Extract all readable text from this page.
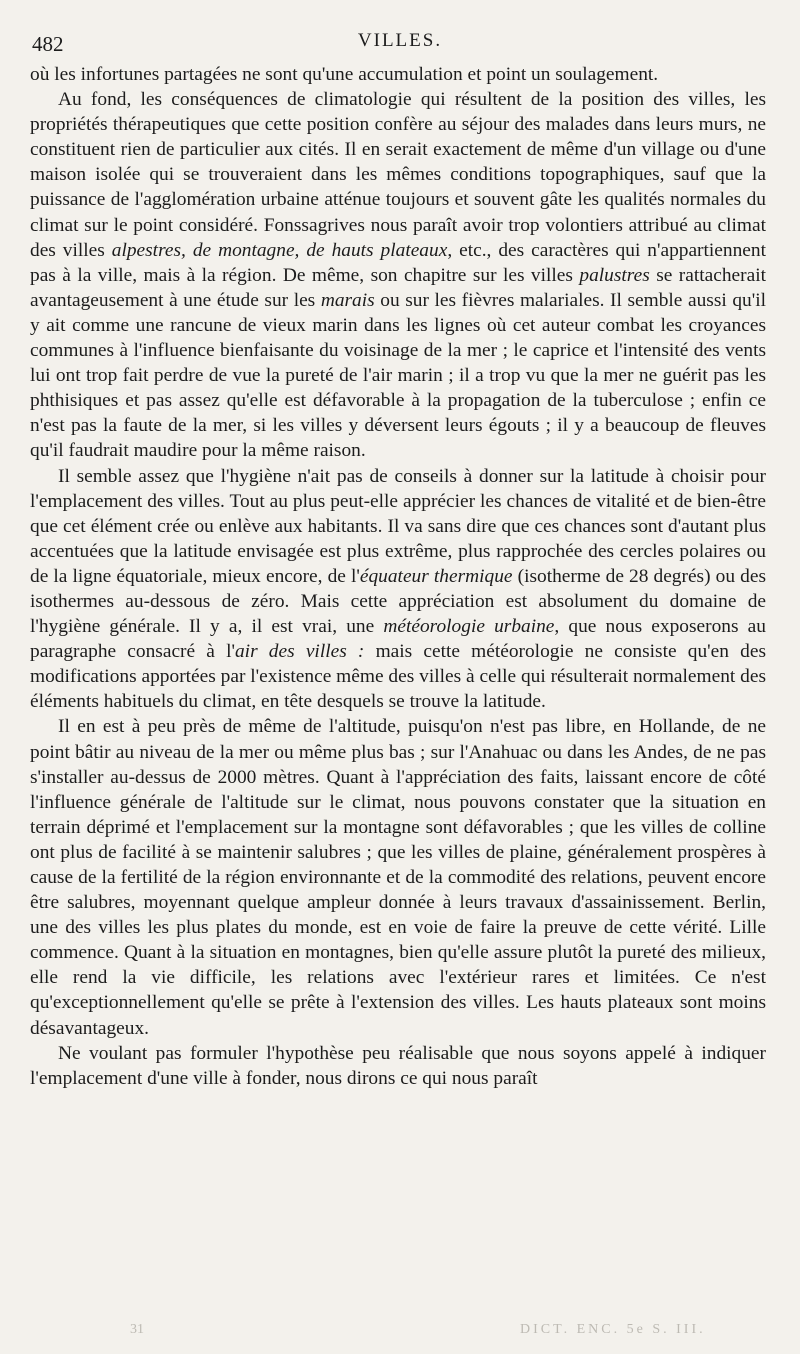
482	VILLES.

où les infortunes partagées ne sont qu'une accumulation et point un soulagement.

Au fond, les conséquences de climatologie qui résultent de la position des villes, les propriétés thérapeutiques que cette position confère au séjour des malades dans leurs murs, ne constituent rien de particulier aux cités. Il en serait exactement de même d'un village ou d'une maison isolée qui se trouveraient dans les mêmes conditions topographiques, sauf que la puissance de l'agglomération urbaine atténue toujours et souvent gâte les qualités normales du climat sur le point considéré. Fonssagrives nous paraît avoir trop volontiers attribué au climat des villes alpestres, de montagne, de hauts plateaux, etc., des caractères qui n'appartiennent pas à la ville, mais à la région. De même, son chapitre sur les villes palustres se rattacherait avantageusement à une étude sur les marais ou sur les fièvres malariales. Il semble aussi qu'il y ait comme une rancune de vieux marin dans les lignes où cet auteur combat les croyances communes à l'influence bienfaisante du voisinage de la mer ; le caprice et l'intensité des vents lui ont trop fait perdre de vue la pureté de l'air marin ; il a trop vu que la mer ne guérit pas les phthisiques et pas assez qu'elle est défavorable à la propagation de la tuberculose ; enfin ce n'est pas la faute de la mer, si les villes y déversent leurs égouts ; il y a beaucoup de fleuves qu'il faudrait maudire pour la même raison.

Il semble assez que l'hygiène n'ait pas de conseils à donner sur la latitude à choisir pour l'emplacement des villes. Tout au plus peut-elle apprécier les chances de vitalité et de bien-être que cet élément crée ou enlève aux habitants. Il va sans dire que ces chances sont d'autant plus accentuées que la latitude envisagée est plus extrême, plus rapprochée des cercles polaires ou de la ligne équatoriale, mieux encore, de l'équateur thermique (isotherme de 28 degrés) ou des isothermes au-dessous de zéro. Mais cette appréciation est absolument du domaine de l'hygiène générale. Il y a, il est vrai, une météorologie urbaine, que nous exposerons au paragraphe consacré à l'air des villes : mais cette météorologie ne consiste qu'en des modifications apportées par l'existence même des villes à celle qui résulterait normalement des éléments habituels du climat, en tête desquels se trouve la latitude.

Il en est à peu près de même de l'altitude, puisqu'on n'est pas libre, en Hollande, de ne point bâtir au niveau de la mer ou même plus bas ; sur l'Anahuac ou dans les Andes, de ne pas s'installer au-dessus de 2000 mètres. Quant à l'appréciation des faits, laissant encore de côté l'influence générale de l'altitude sur le climat, nous pouvons constater que la situation en terrain déprimé et l'emplacement sur la montagne sont défavorables ; que les villes de colline ont plus de facilité à se maintenir salubres ; que les villes de plaine, généralement prospères à cause de la fertilité de la région environnante et de la commodité des relations, peuvent encore être salubres, moyennant quelque ampleur donnée à leurs travaux d'assainissement. Berlin, une des villes les plus plates du monde, est en voie de faire la preuve de cette vérité. Lille commence. Quant à la situation en montagnes, bien qu'elle assure plutôt la pureté des milieux, elle rend la vie difficile, les relations avec l'extérieur rares et limitées. Ce n'est qu'exceptionnellement qu'elle se prête à l'extension des villes. Les hauts plateaux sont moins désavantageux.

Ne voulant pas formuler l'hypothèse peu réalisable que nous soyons appelé à indiquer l'emplacement d'une ville à fonder, nous dirons ce qui nous paraît

31	DICT. ENC. 5e S. III.
